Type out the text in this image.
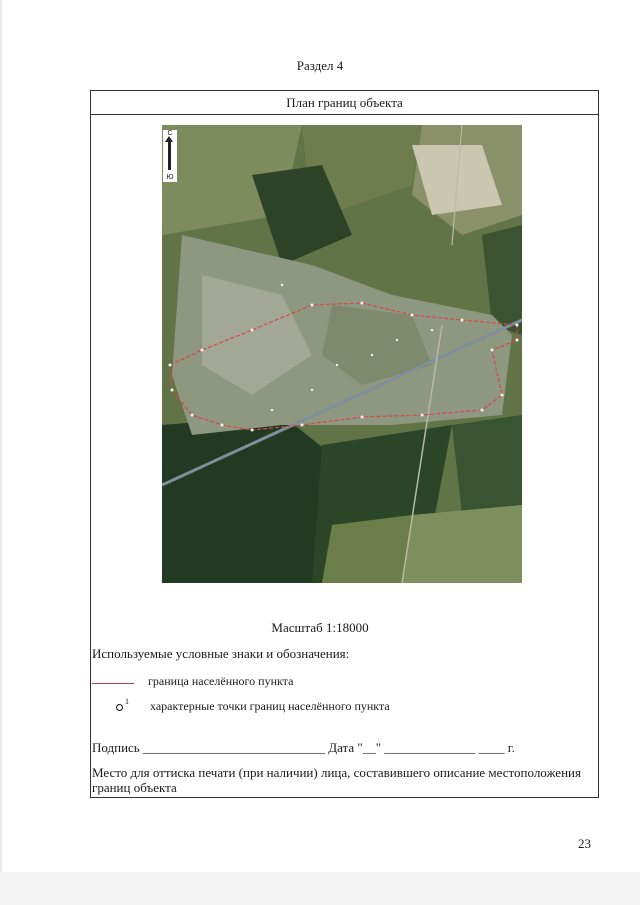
Раздел 4
План границ объекта
С
Ю
Масштаб 1:18000
Используемые условные знаки и обозначения:
граница населённого пункта
1 характерные точки границ населённого пункта
Подпись ____________________________ Дата "__" ______________ ____ г.
Место для оттиска печати (при наличии) лица, составившего описание местоположения границ объекта
23
